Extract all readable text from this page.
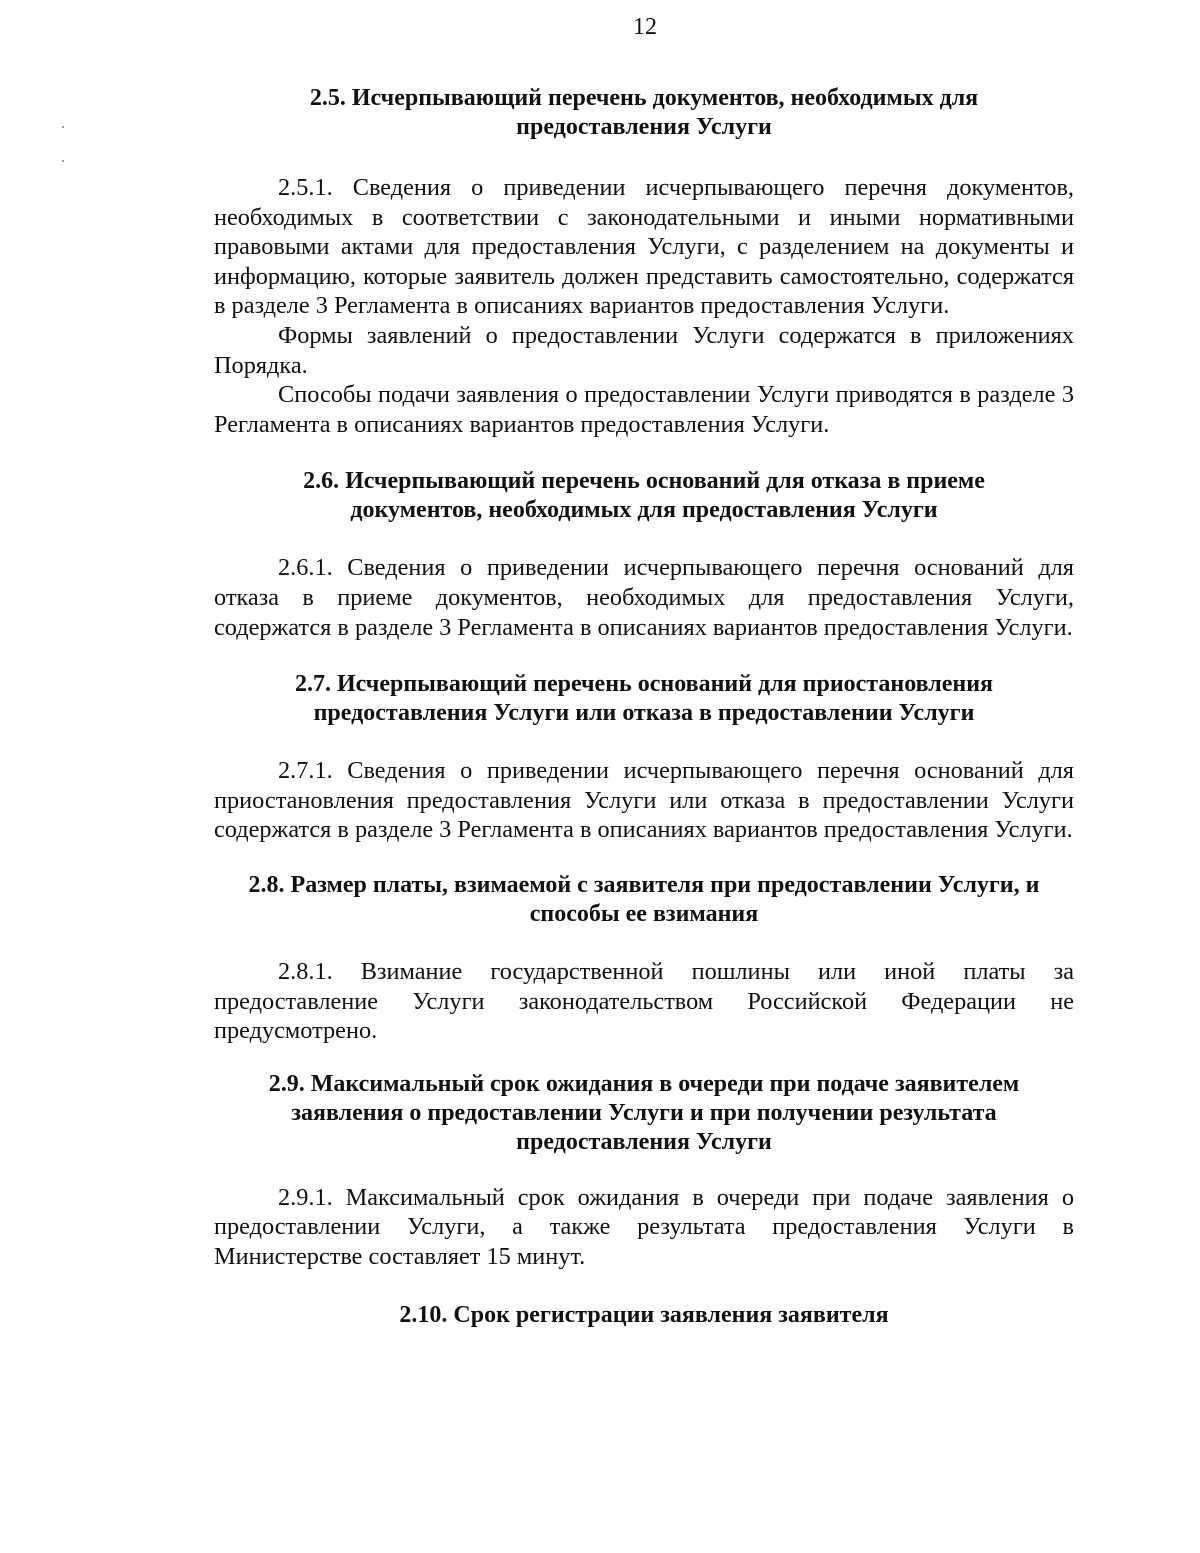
12
2.5. Исчерпывающий перечень документов, необходимых для
предоставления Услуги

2.5.1. Сведения о приведении исчерпывающего перечня документов, необходимых в соответствии с законодательными и иными нормативными правовыми актами для предоставления Услуги, с разделением на документы и информацию, которые заявитель должен представить самостоятельно, содержатся в разделе 3 Регламента в описаниях вариантов предоставления Услуги.

Формы заявлений о предоставлении Услуги содержатся в приложениях Порядка.

Способы подачи заявления о предоставлении Услуги приводятся в разделе 3 Регламента в описаниях вариантов предоставления Услуги.

2.6. Исчерпывающий перечень оснований для отказа в приеме
документов, необходимых для предоставления Услуги

2.6.1. Сведения о приведении исчерпывающего перечня оснований для отказа в приеме документов, необходимых для предоставления Услуги, содержатся в разделе 3 Регламента в описаниях вариантов предоставления Услуги.

2.7. Исчерпывающий перечень оснований для приостановления
предоставления Услуги или отказа в предоставлении Услуги

2.7.1. Сведения о приведении исчерпывающего перечня оснований для приостановления предоставления Услуги или отказа в предоставлении Услуги содержатся в разделе 3 Регламента в описаниях вариантов предоставления Услуги.

2.8. Размер платы, взимаемой с заявителя при предоставлении Услуги, и
способы ее взимания

2.8.1. Взимание государственной пошлины или иной платы за предоставление Услуги законодательством Российской Федерации не предусмотрено.

2.9. Максимальный срок ожидания в очереди при подаче заявителем
заявления о предоставлении Услуги и при получении результата
предоставления Услуги

2.9.1. Максимальный срок ожидания в очереди при подаче заявления о предоставлении Услуги, а также результата предоставления Услуги в Министерстве составляет 15 минут.

2.10. Срок регистрации заявления заявителя
